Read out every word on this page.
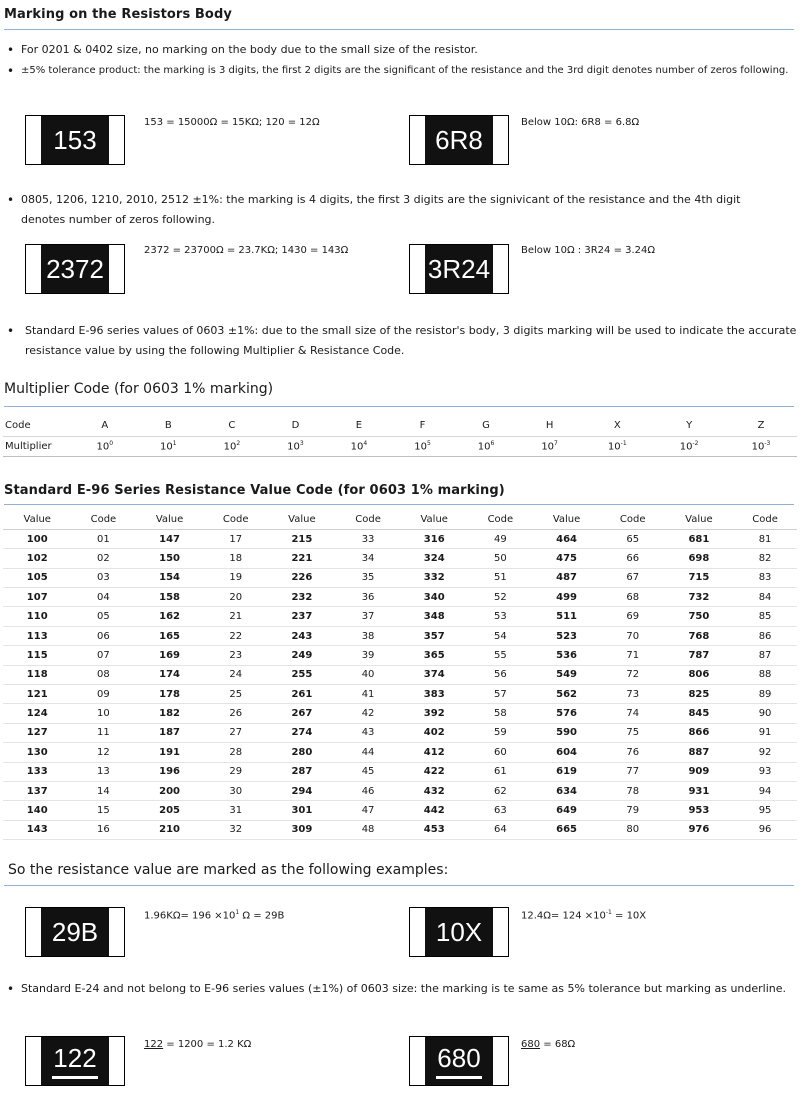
Marking on the Resistors Body
• For 0201 & 0402 size, no marking on the body due to the small size of the resistor.
• ±5% tolerance product: the marking is 3 digits, the first 2 digits are the significant of the resistance and the 3rd digit denotes number of zeros following.
153
153 = 15000Ω = 15KΩ; 120 = 12Ω
6R8
Below 10Ω: 6R8 = 6.8Ω
• 0805, 1206, 1210, 2010, 2512 ±1%: the marking is 4 digits, the first 3 digits are the signivicant of the resistance and the 4th digit denotes number of zeros following.
2372
2372 = 23700Ω = 23.7KΩ; 1430 = 143Ω
3R24
Below 10Ω : 3R24 = 3.24Ω
• Standard E-96 series values of 0603 ±1%: due to the small size of the resistor's body, 3 digits marking will be used to indicate the accurate resistance value by using the following Multiplier & Resistance Code.
Multiplier Code (for 0603 1% marking)
Code	A	B	C	D	E	F	G	H	X	Y	Z
Multiplier	$10^0$	$10^1$	$10^2$	$10^3$	$10^4$	$10^5$	$10^6$	$10^7$	$10^{-1}$	$10^{-2}$	$10^{-3}$
Standard E-96 Series Resistance Value Code (for 0603 1% marking)
Value	Code	Value	Code	Value	Code	Value	Code	Value	Code	Value	Code
100	01	147	17	215	33	316	49	464	65	681	81
102	02	150	18	221	34	324	50	475	66	698	82
105	03	154	19	226	35	332	51	487	67	715	83
107	04	158	20	232	36	340	52	499	68	732	84
110	05	162	21	237	37	348	53	511	69	750	85
113	06	165	22	243	38	357	54	523	70	768	86
115	07	169	23	249	39	365	55	536	71	787	87
118	08	174	24	255	40	374	56	549	72	806	88
121	09	178	25	261	41	383	57	562	73	825	89
124	10	182	26	267	42	392	58	576	74	845	90
127	11	187	27	274	43	402	59	590	75	866	91
130	12	191	28	280	44	412	60	604	76	887	92
133	13	196	29	287	45	422	61	619	77	909	93
137	14	200	30	294	46	432	62	634	78	931	94
140	15	205	31	301	47	442	63	649	79	953	95
143	16	210	32	309	48	453	64	665	80	976	96
So the resistance value are marked as the following examples:
29B
$1.96K\Omega= 196 \times 10^1$ Ω = 29B
10X
$12.4\Omega= 124 \times 10^{-1} = 10X$
• Standard E-24 and not belong to E-96 series values (±1%) of 0603 size: the marking is te same as 5% tolerance but marking as underline.
122	122 = 1200 = 1.2 KΩ	680	680 = 68Ω
